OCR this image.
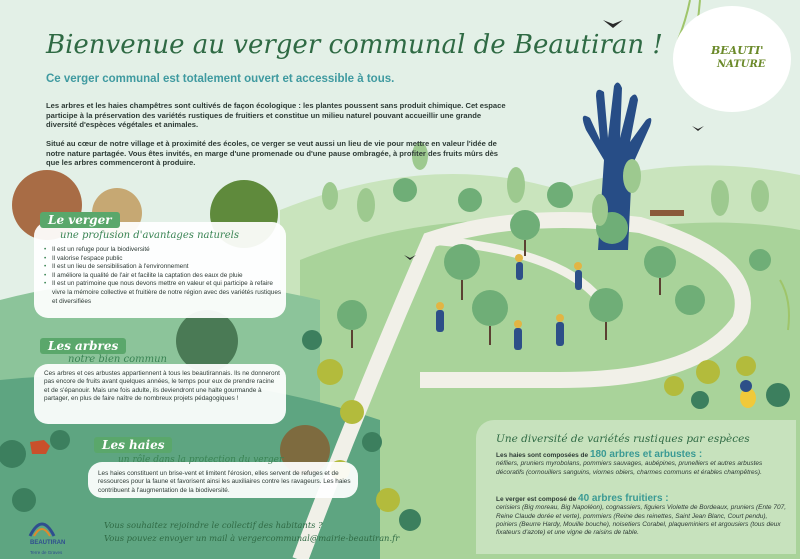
BEAUTI'
NATURE
Bienvenue au verger communal de Beautiran !
Ce verger communal est totalement ouvert et accessible à tous.
Les arbres et les haies champêtres sont cultivés de façon écologique : les plantes poussent sans produit chimique. Cet espace participe à la préservation des variétés rustiques de fruitiers et constitue un milieu naturel pouvant accueillir une grande diversité d'espèces végétales et animales.
Situé au cœur de notre village et à proximité des écoles, ce verger se veut aussi un lieu de vie pour mettre en valeur l'idée de notre nature partagée. Vous êtes invités, en marge d'une promenade ou d'une pause ombragée, à profiter des fruits mûrs dès que les arbres commenceront à produire.
Le verger
une profusion d'avantages naturels
• Il est un refuge pour la biodiversité
• Il valorise l'espace public
• Il est un lieu de sensibilisation à l'environnement
• Il améliore la qualité de l'air et facilite la captation des eaux de pluie
• Il est un patrimoine que nous devons mettre en valeur et qui participe à refaire vivre la mémoire collective et fruitière de notre région avec des variétés rustiques et diversifiées
Les arbres
notre bien commun
Ces arbres et ces arbustes appartiennent à tous les beautirannais. Ils ne donneront pas encore de fruits avant quelques années, le temps pour eux de prendre racine et de s'épanouir. Mais une fois adulte, ils deviendront une halte gourmande à partager, en plus de faire naître de nombreux projets pédagogiques !
Les haies
un rôle dans la protection du verger
Les haies constituent un brise-vent et limitent l'érosion, elles servent de refuges et de ressources pour la faune et favorisent ainsi les auxiliaires contre les ravageurs. Les haies contribuent à l'augmentation de la biodiversité.
Une diversité de variétés rustiques par espèces
Les haies sont composées de 180 arbres et arbustes :
néfliers, pruniers myrobolans, pommiers sauvages, aubépines, prunelliers et autres arbustes décoratifs (cornouillers sanguins, viornes obiers, charmes communs et érables champêtres).
Le verger est composé de 40 arbres fruitiers :
cerisiers (Big moreau, Big Napoléon), cognassiers, figuiers Violette de Bordeaux, pruniers (Ente 707, Reine Claude dorée et verte), pommiers (Reine des reinettes, Saint Jean Blanc, Court pendu), poiriers (Beurre Hardy, Mouille bouche), noisetiers Corabel, plaqueminiers et argousiers (tous deux fixateurs d'azote) et une vigne de raisins de table.
Vous souhaitez rejoindre le collectif des habitants ?
Vous pouvez envoyer un mail à vergercommunal@mairie-beautiran.fr
BEAUTIRAN
Terre de Graves
